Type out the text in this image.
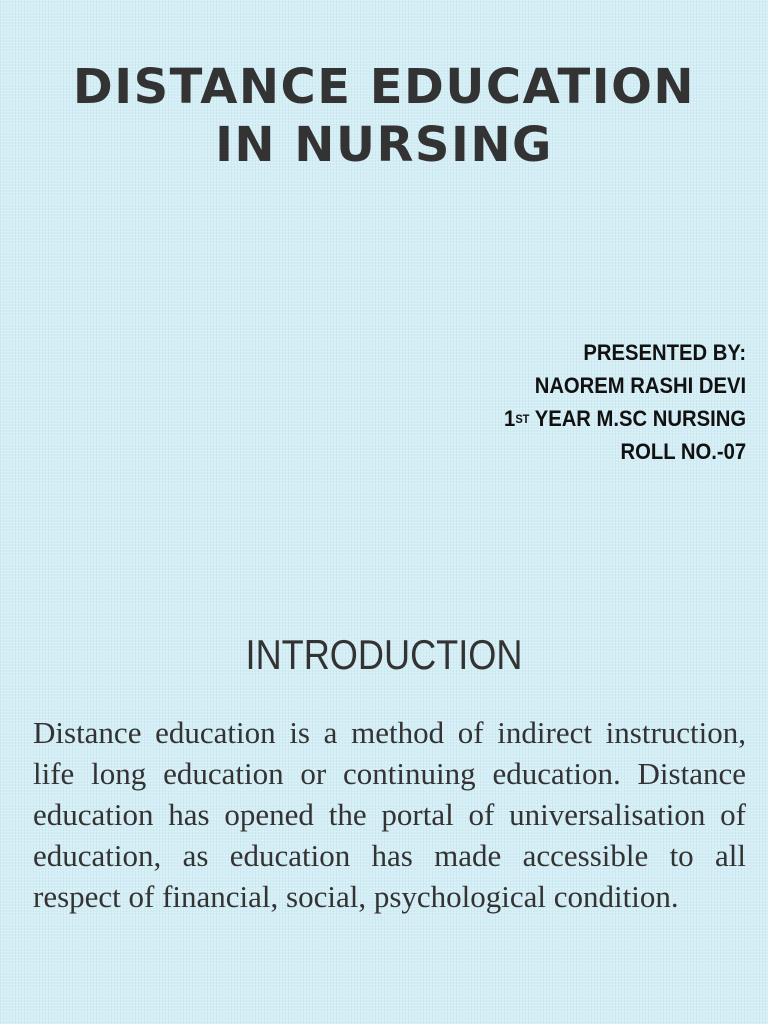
DISTANCE EDUCATION
IN NURSING
PRESENTED BY:
NAOREM RASHI DEVI
1ST YEAR M.SC NURSING
ROLL NO.-07
INTRODUCTION

Distance education is a method of indirect instruction, life long education or continuing education. Distance education has opened the portal of universalisation of education, as education has made accessible to all respect of financial, social, psychological condition.
